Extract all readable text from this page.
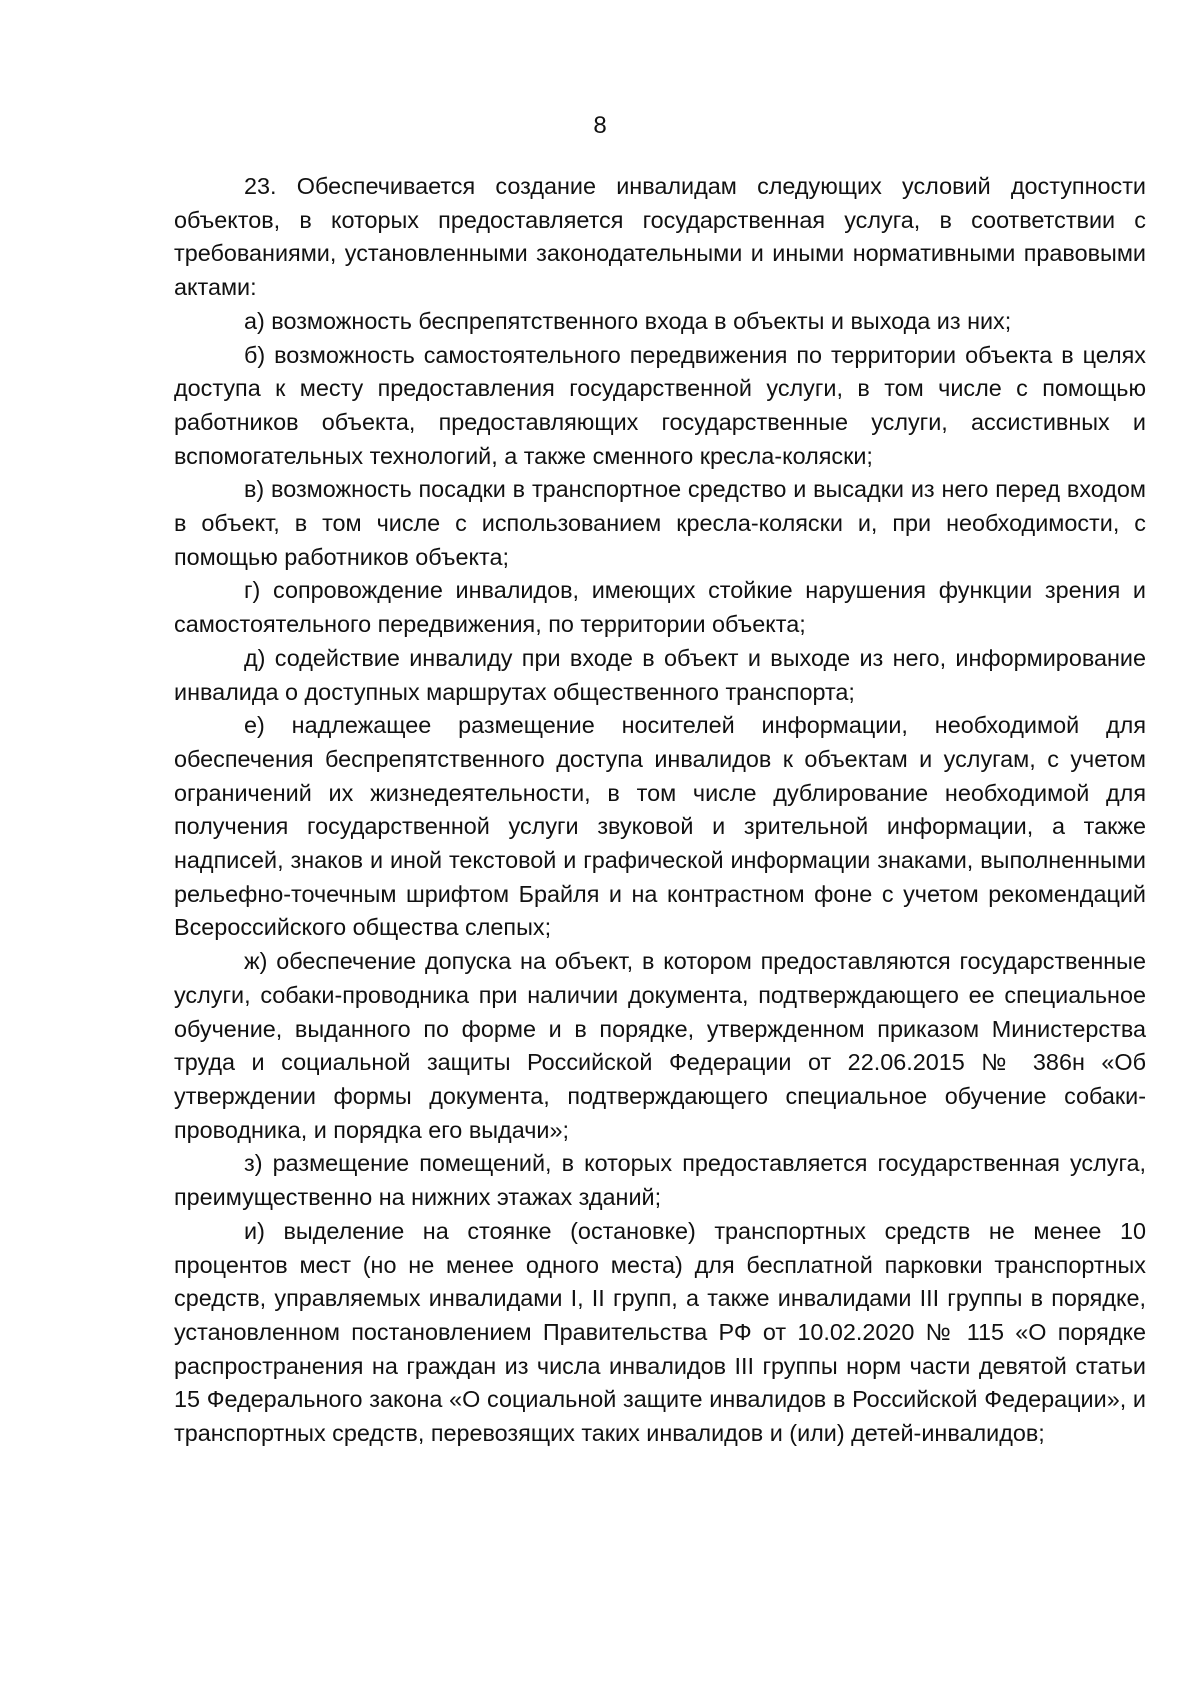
8

23. Обеспечивается создание инвалидам следующих условий доступности объектов, в которых предоставляется государственная услуга, в соответствии с требованиями, установленными законодательными и иными нормативными правовыми актами:

а) возможность беспрепятственного входа в объекты и выхода из них;

б) возможность самостоятельного передвижения по территории объекта в целях доступа к месту предоставления государственной услуги, в том числе с помощью работников объекта, предоставляющих государственные услуги, ассистивных и вспомогательных технологий, а также сменного кресла-коляски;

в) возможность посадки в транспортное средство и высадки из него перед входом в объект, в том числе с использованием кресла-коляски и, при необходимости, с помощью работников объекта;

г) сопровождение инвалидов, имеющих стойкие нарушения функции зрения и самостоятельного передвижения, по территории объекта;

д) содействие инвалиду при входе в объект и выходе из него, информирование инвалида о доступных маршрутах общественного транспорта;

е) надлежащее размещение носителей информации, необходимой для обеспечения беспрепятственного доступа инвалидов к объектам и услугам, с учетом ограничений их жизнедеятельности, в том числе дублирование необходимой для получения государственной услуги звуковой и зрительной информации, а также надписей, знаков и иной текстовой и графической информации знаками, выполненными рельефно-точечным шрифтом Брайля и на контрастном фоне с учетом рекомендаций Всероссийского общества слепых;

ж) обеспечение допуска на объект, в котором предоставляются государственные услуги, собаки-проводника при наличии документа, подтверждающего ее специальное обучение, выданного по форме и в порядке, утвержденном приказом Министерства труда и социальной защиты Российской Федерации от 22.06.2015 № 386н «Об утверждении формы документа, подтверждающего специальное обучение собаки-проводника, и порядка его выдачи»;

з) размещение помещений, в которых предоставляется государственная услуга, преимущественно на нижних этажах зданий;

и) выделение на стоянке (остановке) транспортных средств не менее 10 процентов мест (но не менее одного места) для бесплатной парковки транспортных средств, управляемых инвалидами I, II групп, а также инвалидами III группы в порядке, установленном постановлением Правительства РФ от 10.02.2020 № 115 «О порядке распространения на граждан из числа инвалидов III группы норм части девятой статьи 15 Федерального закона «О социальной защите инвалидов в Российской Федерации», и транспортных средств, перевозящих таких инвалидов и (или) детей-инвалидов;
